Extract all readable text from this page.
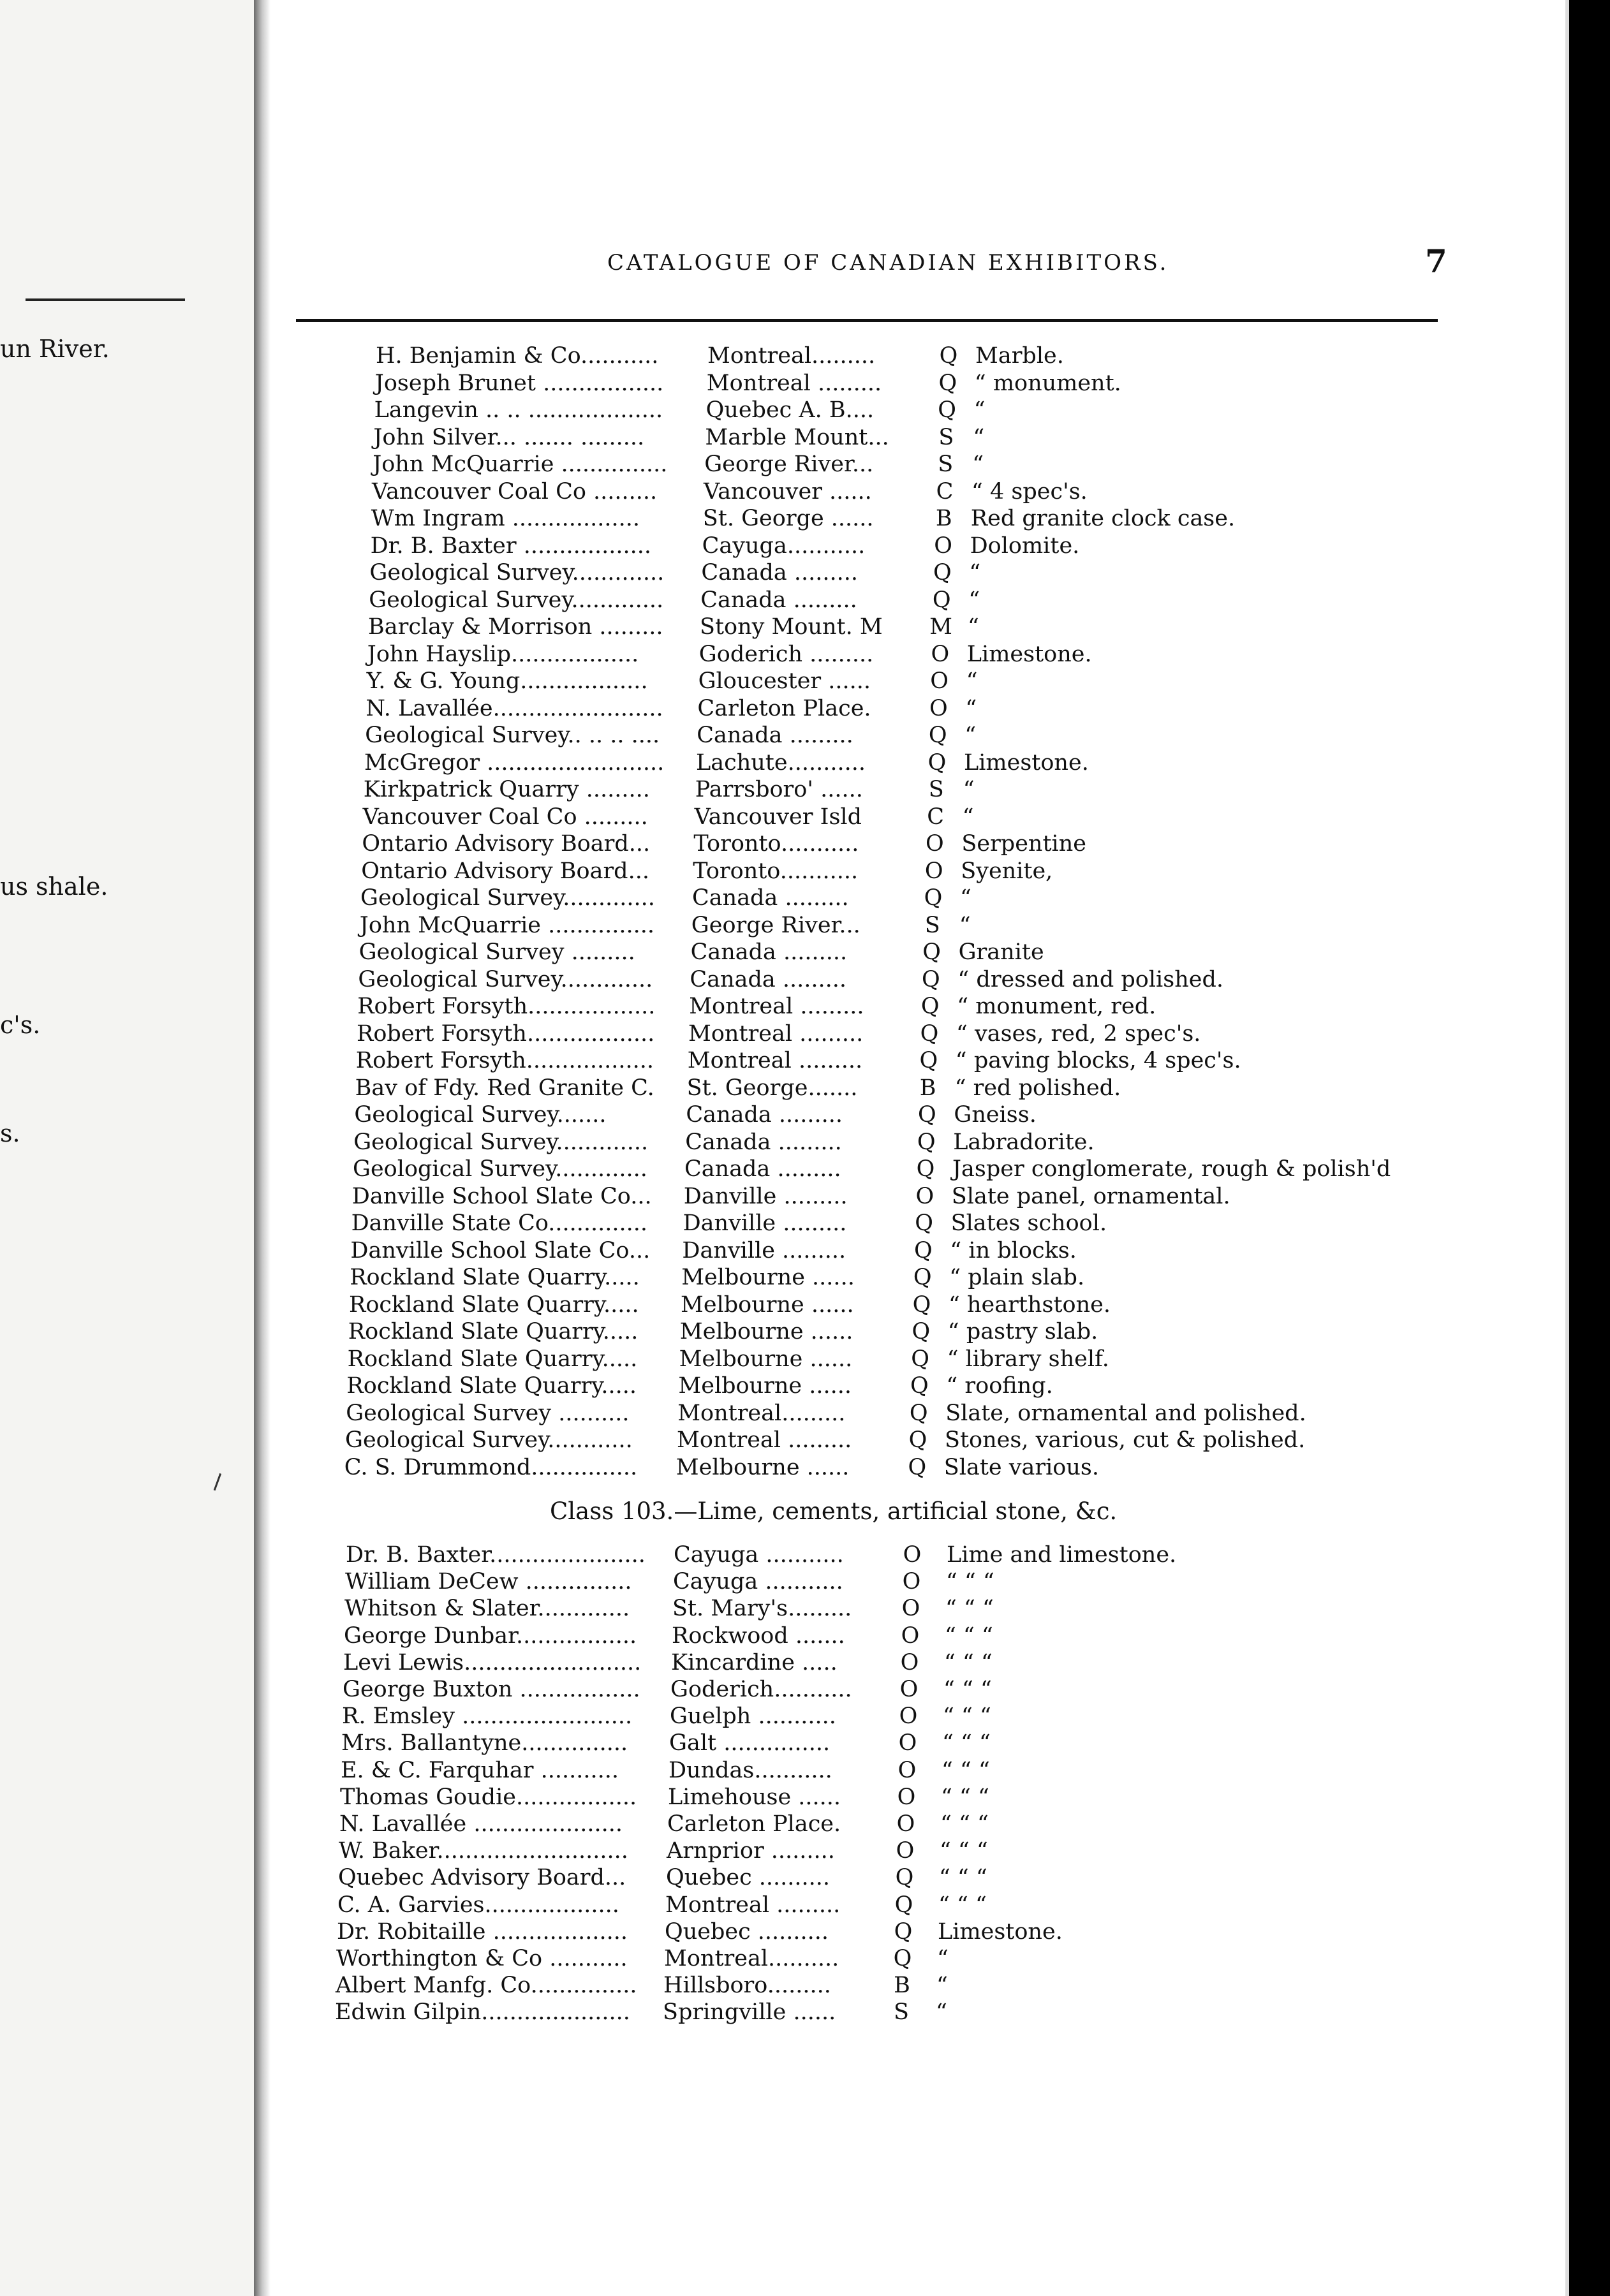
un River.
us shale.
c's.
s.
CATALOGUE OF CANADIAN EXHIBITORS.	7
H. Benjamin & Co........... Montreal.........	Q Marble.
Joseph Brunet ................. Montreal .........	Q “ monument.
Langevin .. .. ................... Quebec A. B....	Q “
John Silver... ....... .........	Marble Mount... S “
John McQuarrie ............... George River...	S “
Vancouver Coal Co ......... Vancouver ......	C “ 4 spec's.
Wm Ingram ..................	St. George ......	B Red granite clock case.
Dr. B. Baxter .................. Cayuga...........	O Dolomite.
Geological Survey............. Canada .........	Q “
Geological Survey............. Canada .........	Q “
Barclay & Morrison ......... Stony Mount. M M “
John Hayslip..................	Goderich .........	O Limestone.
Y. & G. Young.................. Gloucester ......	O “
N. Lavallée........................ Carleton Place.	O “
Geological Survey.. .. .. .... Canada .........	Q “
McGregor ......................... Lachute...........	Q Limestone.
Kirkpatrick Quarry ......... Parrsboro' ......	S “
Vancouver Coal Co ......... Vancouver Isld	C “
Ontario Advisory Board... Toronto...........	O Serpentine
Ontario Advisory Board... Toronto...........	O Syenite,
Geological Survey............. Canada .........	Q “
John McQuarrie ............... George River...	S “
Geological Survey ......... Canada .........	Q Granite
Geological Survey............. Canada .........	Q “ dressed and polished.
Robert Forsyth.................. Montreal .........	Q “ monument, red.
Robert Forsyth.................. Montreal .........	Q “ vases, red, 2 spec's.
Robert Forsyth.................. Montreal .........	Q “ paving blocks, 4 spec's.
Bav of Fdy. Red Granite C. St. George.......	B “ red polished.
Geological Survey.......	Canada .........	Q Gneiss.
Geological Survey............. Canada .........	Q Labradorite.
Geological Survey............. Canada .........	Q Jasper conglomerate, rough & polish'd
Danville School Slate Co... Danville .........	O Slate panel, ornamental.
Danville State Co.............. Danville .........	Q Slates school.
Danville School Slate Co... Danville .........	Q “ in blocks.
Rockland Slate Quarry..... Melbourne ......	Q “ plain slab.
Rockland Slate Quarry..... Melbourne ......	Q “ hearthstone.
Rockland Slate Quarry..... Melbourne ......	Q “ pastry slab.
Rockland Slate Quarry..... Melbourne ......	Q “ library shelf.
Rockland Slate Quarry..... Melbourne ......	Q “ roofing.
Geological Survey .......... Montreal.........	Q Slate, ornamental and polished.
Geological Survey............ Montreal .........	Q Stones, various, cut & polished.
C. S. Drummond............... Melbourne ......	Q Slate various.
Class 103.—Lime, cements, artificial stone, &c.
Dr. B. Baxter...................... Cayuga ...........	O Lime and limestone.
William DeCew ............... Cayuga ...........	O “ “ “
Whitson & Slater............. St. Mary's......... O “ “ “
George Dunbar................. Rockwood .......	O “ “ “
Levi Lewis......................... Kincardine .....	O “ “ “
George Buxton ................. Goderich........... O “ “ “
R. Emsley ........................ Guelph ...........	O “ “ “
Mrs. Ballantyne............... Galt ...............	O “ “ “
E. & C. Farquhar ........... Dundas...........	O “ “ “
Thomas Goudie................. Limehouse ......	O “ “ “
N. Lavallée ..................... Carleton Place.	O “ “ “
W. Baker........................... Arnprior .........	O “ “ “
Quebec Advisory Board... Quebec ..........	Q “ “ “
C. A. Garvies................... Montreal ......... Q “ “ “
Dr. Robitaille ................... Quebec ..........	Q Limestone.
Worthington & Co ........... Montreal.......... Q “
Albert Manfg. Co............... Hillsboro.........	B “
Edwin Gilpin..................... Springville ......	S “
